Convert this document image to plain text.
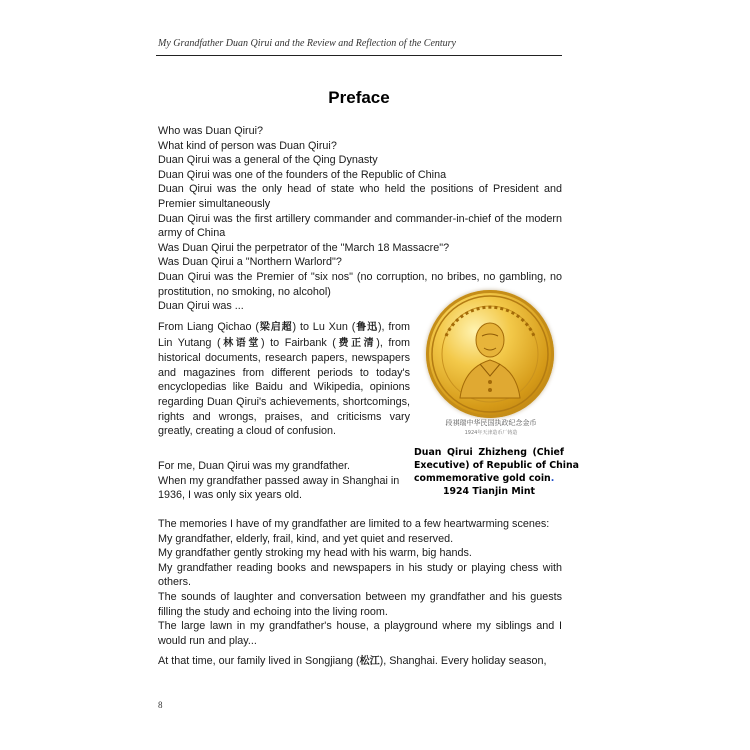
My Grandfather Duan Qirui and the Review and Reflection of the Century
Preface

Who was Duan Qirui?

What kind of person was Duan Qirui?

Duan Qirui was a general of the Qing Dynasty

Duan Qirui was one of the founders of the Republic of China

Duan Qirui was the only head of state who held the positions of President and Premier simultaneously

Duan Qirui was the first artillery commander and commander-in-chief of the modern army of China

Was Duan Qirui the perpetrator of the "March 18 Massacre"?

Was Duan Qirui a "Northern Warlord"?

Duan Qirui was the Premier of "six nos" (no corruption, no bribes, no gambling, no prostitution, no smoking, no alcohol)

Duan Qirui was ...

From Liang Qichao (梁启超) to Lu Xun (鲁迅), from Lin Yutang (林语堂) to Fairbank (费正清), from historical documents, research papers, newspapers and magazines from different periods to today's encyclopedias like Baidu and Wikipedia, opinions regarding Duan Qirui's achievements, shortcomings, rights and wrongs, praises, and criticisms vary greatly, creating a cloud of confusion.

For me, Duan Qirui was my grandfather.

When my grandfather passed away in Shanghai in 1936, I was only six years old.

段祺瑞中华民国执政纪念金币
1924年天津造币厂铸造
Duan Qirui Zhizheng (Chief
Executive) of Republic of China
commemorative gold coin.
1924 Tianjin Mint

The memories I have of my grandfather are limited to a few heartwarming scenes:

My grandfather, elderly, frail, kind, and yet quiet and reserved.

My grandfather gently stroking my head with his warm, big hands.

My grandfather reading books and newspapers in his study or playing chess with others.

The sounds of laughter and conversation between my grandfather and his guests filling the study and echoing into the living room.

The large lawn in my grandfather's house, a playground where my siblings and I would run and play...

At that time, our family lived in Songjiang (松江), Shanghai. Every holiday season,

8
